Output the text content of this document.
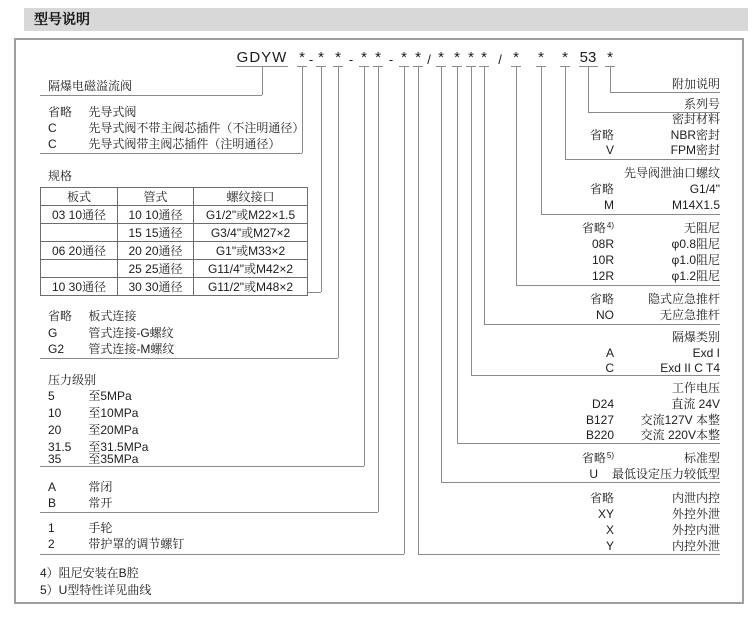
型号说明
GDYW * - * * - * * - * * / * * * * / * * * 53 *
隔爆电磁溢流阀
省略 先导式阀
C	先导式阀不带主阀芯插件（不注明通径）
C	先导式阀带主阀芯插件（注明通径）
规格
板式	管式	螺纹接口
03 10通径	10 10通径	G1/2"或M22×1.5
	15 15通径	G3/4"或M27×2
06 20通径	20 20通径	G1"或M33×2
	25 25通径	G11/4"或M42×2
10 30通径	30 30通径	G11/2"或M48×2
省略 板式连接
G	管式连接-G螺纹
G2 管式连接-M螺纹
压力级别
5	至5MPa
10 至10MPa
20 至20MPa
31.5 至31.5MPa
35 至35MPa
A	常闭
B	常开
1	手轮
2	带护罩的调节螺钉
4）阻尼安装在B腔
5）U型特性详见曲线
附加说明
系列号
密封材料
省略	NBR密封
V	FPM密封
先导阀泄油口螺纹
省略	G1/4"
M	M14X1.5
省略 4)	无阻尼
08R	φ0.8阻尼
10R	φ1.0阻尼
12R	φ1.2阻尼
省略	隐式应急推杆
NO	无应急推杆
隔爆类别
A	Exd I
C	Exd II C T4
工作电压
D24	直流 24V
B127	交流127V 本整
B220	交流 220V本整
省略 5)	标准型
U 最低设定压力较低型
省略	内泄内控
XY	外控外泄
X	外控内泄
Y	内控外泄
